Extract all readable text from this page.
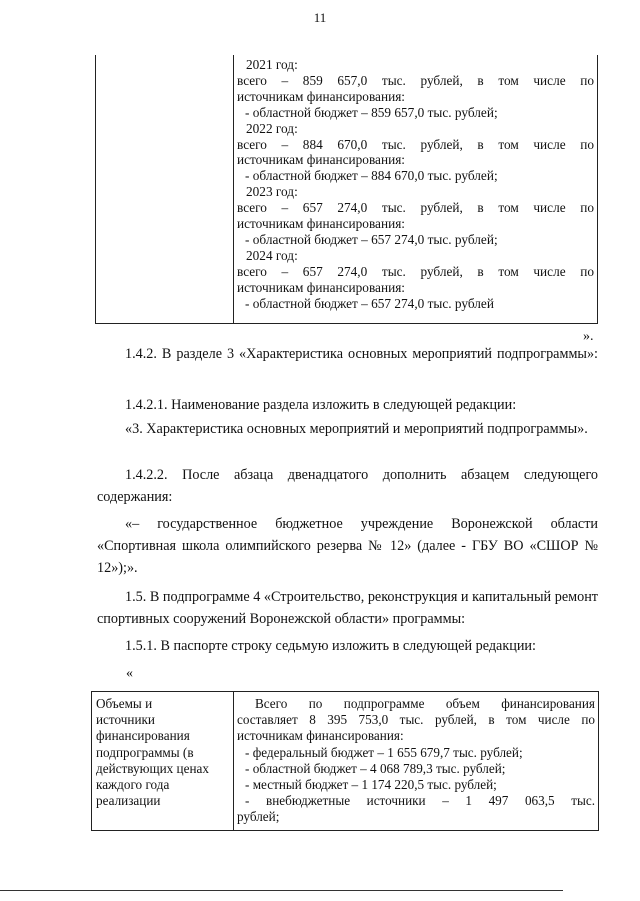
11
2021 год:
всего – 859 657,0 тыс. рублей, в том числе по
источникам финансирования:
- областной бюджет – 859 657,0 тыс. рублей;
2022 год:
всего – 884 670,0 тыс. рублей, в том числе по
источникам финансирования:
- областной бюджет – 884 670,0 тыс. рублей;
2023 год:
всего – 657 274,0 тыс. рублей, в том числе по
источникам финансирования:
- областной бюджет – 657 274,0 тыс. рублей;
2024 год:
всего – 657 274,0 тыс. рублей, в том числе по
источникам финансирования:
- областной бюджет – 657 274,0 тыс. рублей
».
1.4.2. В разделе 3 «Характеристика основных мероприятий подпрограммы»:
1.4.2.1. Наименование раздела изложить в следующей редакции:
«3. Характеристика основных мероприятий и мероприятий подпрограммы».
1.4.2.2. После абзаца двенадцатого дополнить абзацем следующего содержания:
«– государственное бюджетное учреждение Воронежской области «Спортивная школа олимпийского резерва № 12» (далее - ГБУ ВО «СШОР № 12»);».
1.5. В подпрограмме 4 «Строительство, реконструкция и капитальный ремонт спортивных сооружений Воронежской области» программы:
1.5.1. В паспорте строку седьмую изложить в следующей редакции:
«
Объемы и
источники
финансирования
подпрограммы (в
действующих ценах
каждого года
реализации
Всего по подпрограмме объем финансирования
составляет 8 395 753,0 тыс. рублей, в том числе по
источникам финансирования:
- федеральный бюджет – 1 655 679,7 тыс. рублей;
- областной бюджет – 4 068 789,3 тыс. рублей;
- местный бюджет – 1 174 220,5 тыс. рублей;
- внебюджетные источники – 1 497 063,5 тыс.
рублей;
